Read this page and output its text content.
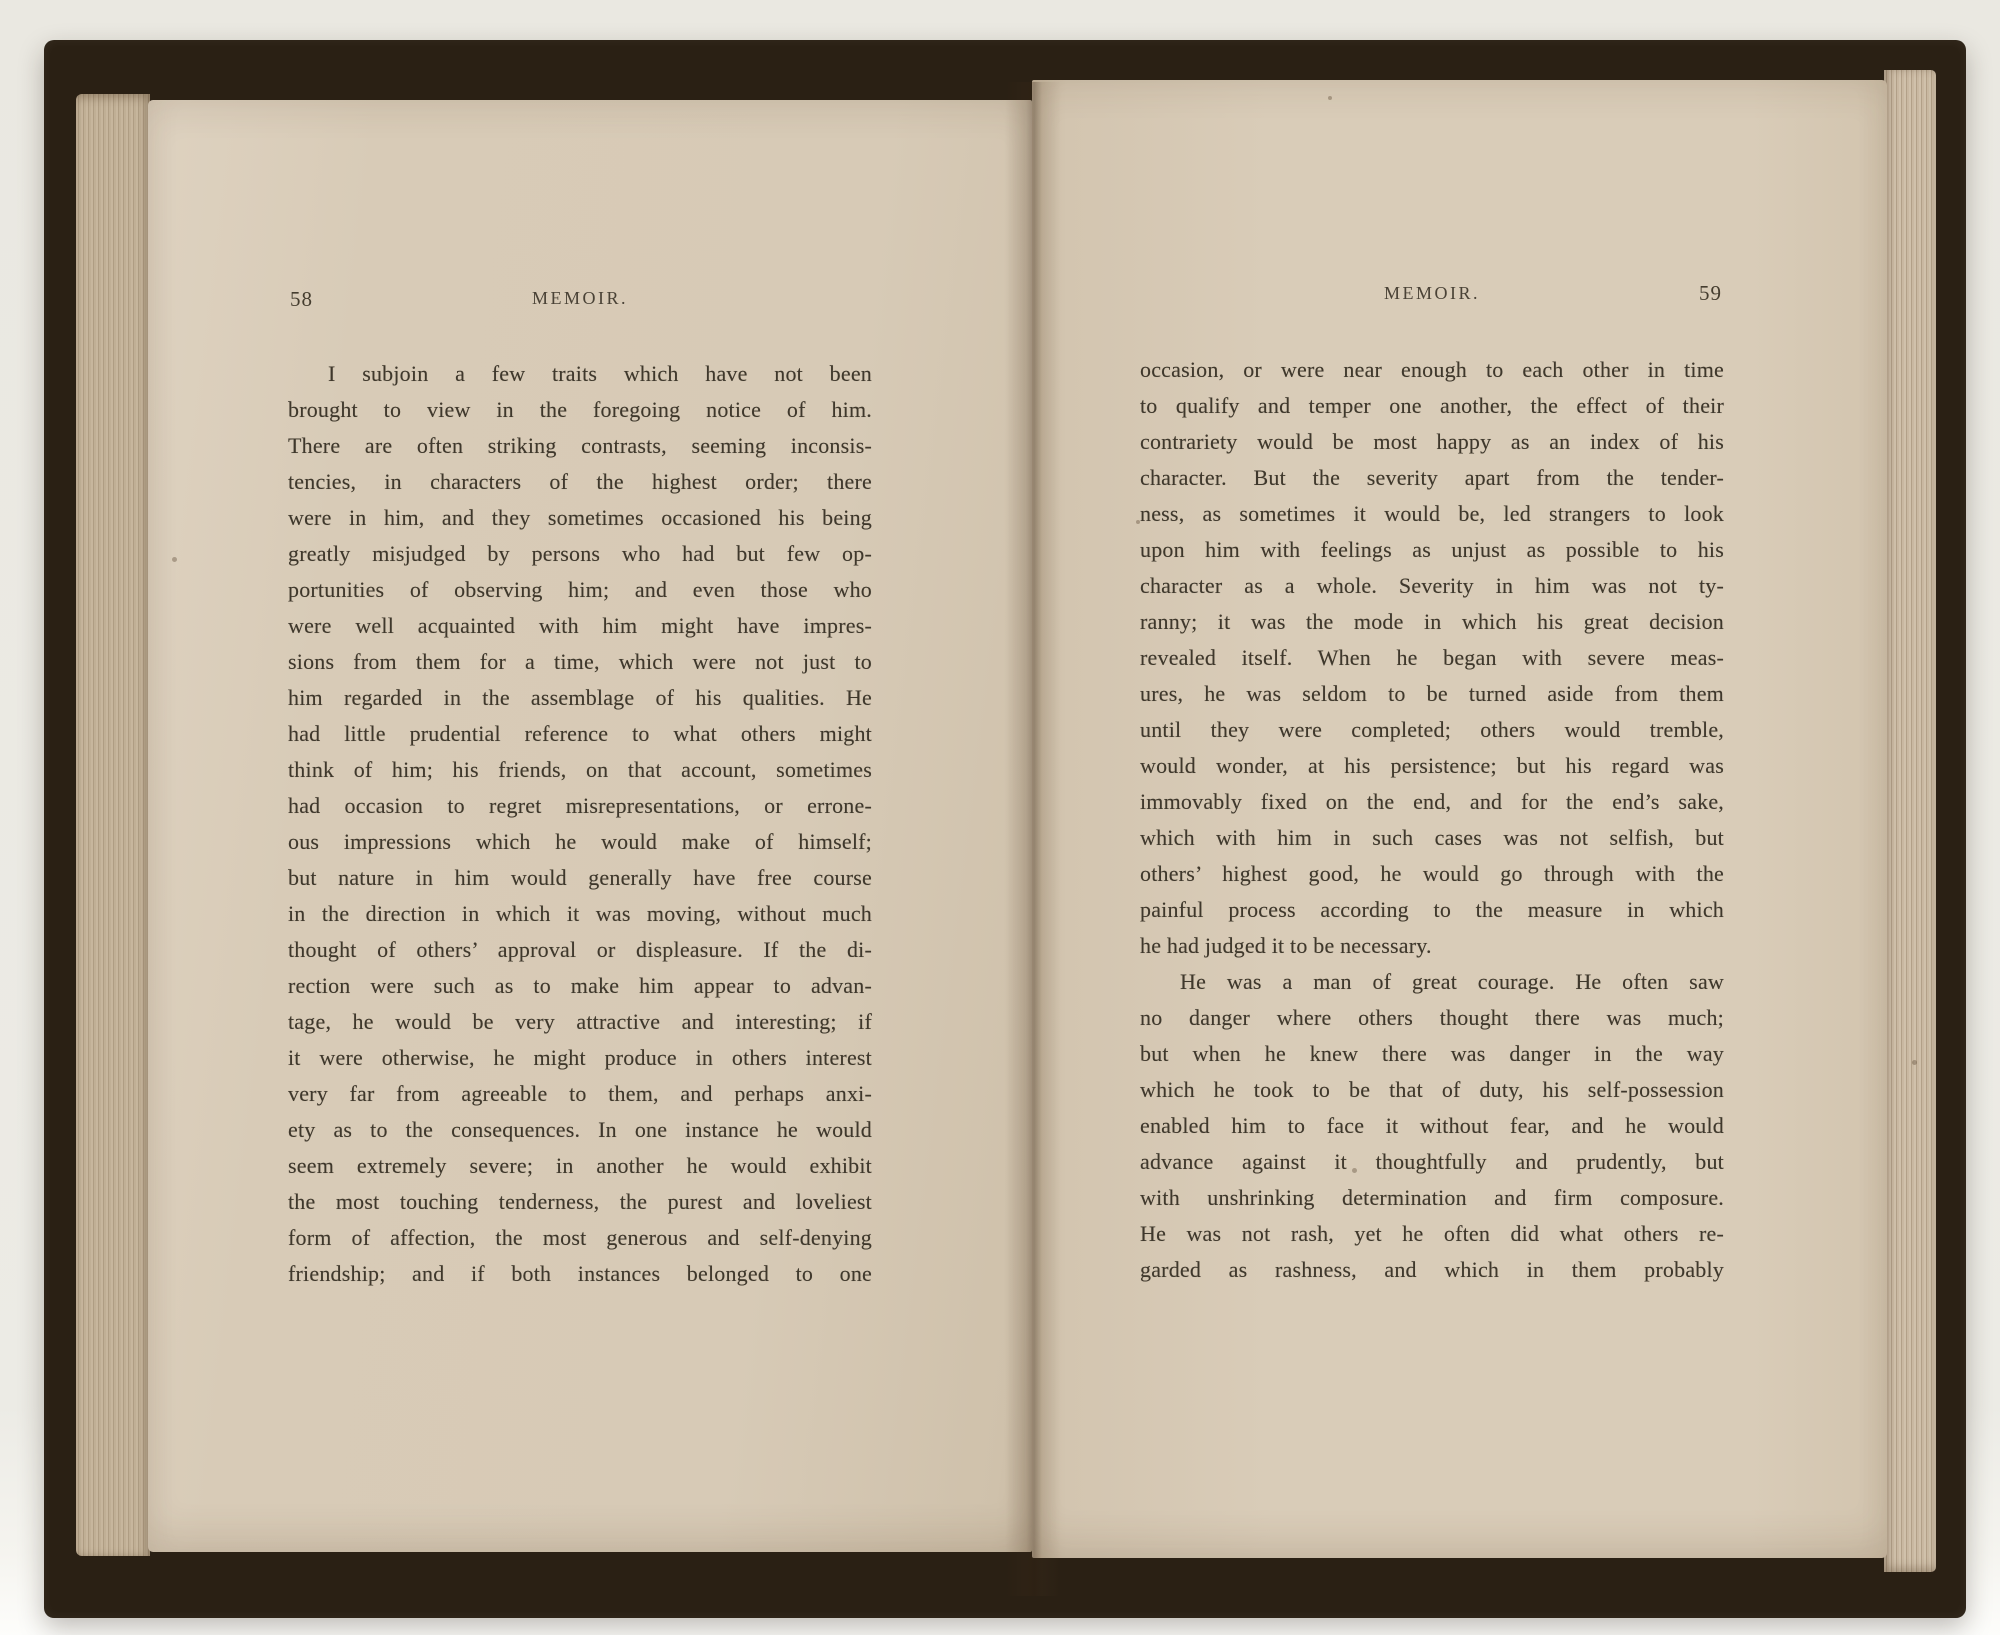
58	MEMOIR.
I subjoin a few traits which have not been
brought to view in the foregoing notice of him.
There are often striking contrasts, seeming inconsis-
tencies, in characters of the highest order; there
were in him, and they sometimes occasioned his being
greatly misjudged by persons who had but few op-
portunities of observing him; and even those who
were well acquainted with him might have impres-
sions from them for a time, which were not just to
him regarded in the assemblage of his qualities. He
had little prudential reference to what others might
think of him; his friends, on that account, sometimes
had occasion to regret misrepresentations, or errone-
ous impressions which he would make of himself;
but nature in him would generally have free course
in the direction in which it was moving, without much
thought of others’ approval or displeasure. If the di-
rection were such as to make him appear to advan-
tage, he would be very attractive and interesting; if
it were otherwise, he might produce in others interest
very far from agreeable to them, and perhaps anxi-
ety as to the consequences. In one instance he would
seem extremely severe; in another he would exhibit
the most touching tenderness, the purest and loveliest
form of affection, the most generous and self-denying
friendship; and if both instances belonged to one
MEMOIR.	59
occasion, or were near enough to each other in time
to qualify and temper one another, the effect of their
contrariety would be most happy as an index of his
character. But the severity apart from the tender-
ness, as sometimes it would be, led strangers to look
upon him with feelings as unjust as possible to his
character as a whole. Severity in him was not ty-
ranny; it was the mode in which his great decision
revealed itself. When he began with severe meas-
ures, he was seldom to be turned aside from them
until they were completed; others would tremble,
would wonder, at his persistence; but his regard was
immovably fixed on the end, and for the end’s sake,
which with him in such cases was not selfish, but
others’ highest good, he would go through with the
painful process according to the measure in which
he had judged it to be necessary.
He was a man of great courage. He often saw
no danger where others thought there was much;
but when he knew there was danger in the way
which he took to be that of duty, his self-possession
enabled him to face it without fear, and he would
advance against it thoughtfully and prudently, but
with unshrinking determination and firm composure.
He was not rash, yet he often did what others re-
garded as rashness, and which in them probably
